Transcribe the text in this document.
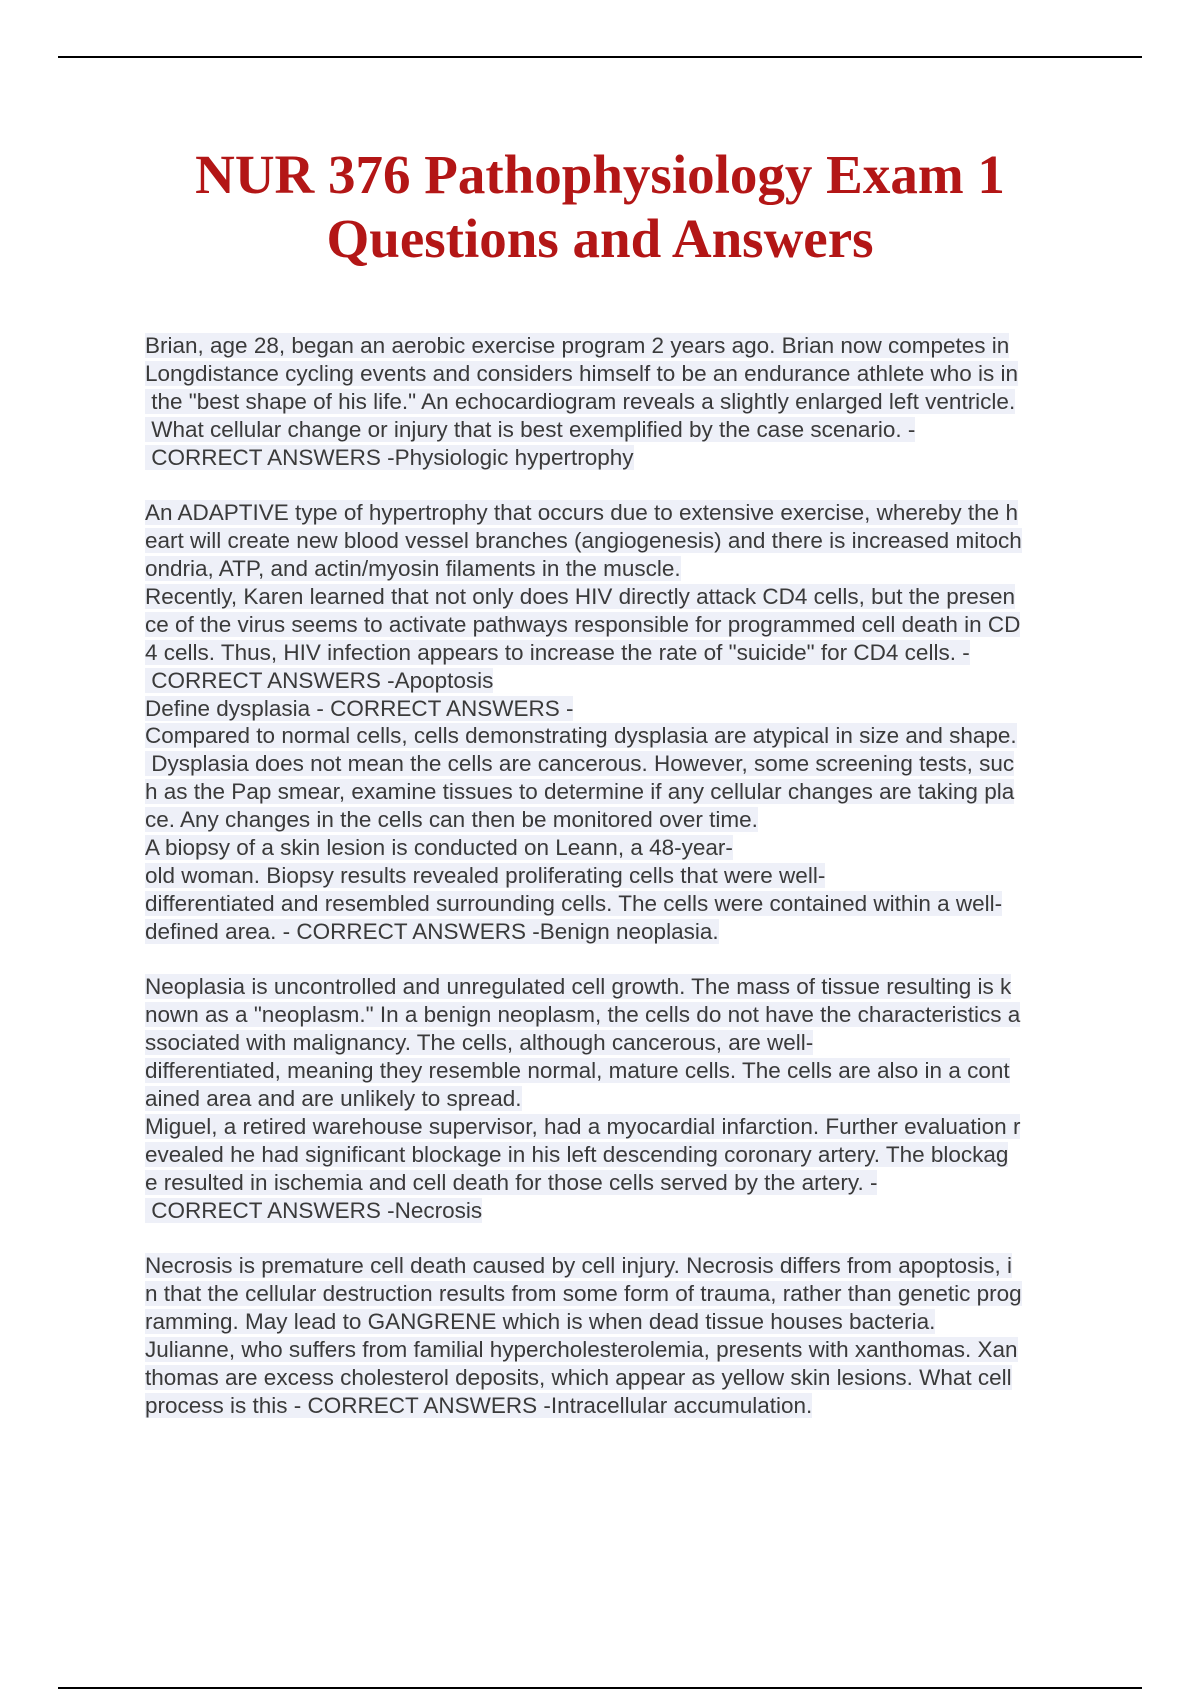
NUR 376 Pathophysiology Exam 1
Questions and Answers
Brian, age 28, began an aerobic exercise program 2 years ago. Brian now competes in
Longdistance cycling events and considers himself to be an endurance athlete who is in
the "best shape of his life." An echocardiogram reveals a slightly enlarged left ventricle.
What cellular change or injury that is best exemplified by the case scenario. -
CORRECT ANSWERS -Physiologic hypertrophy
An ADAPTIVE type of hypertrophy that occurs due to extensive exercise, whereby the h
eart will create new blood vessel branches (angiogenesis) and there is increased mitoch
ondria, ATP, and actin/myosin filaments in the muscle.
Recently, Karen learned that not only does HIV directly attack CD4 cells, but the presen
ce of the virus seems to activate pathways responsible for programmed cell death in CD
4 cells. Thus, HIV infection appears to increase the rate of "suicide" for CD4 cells. -
CORRECT ANSWERS -Apoptosis
Define dysplasia - CORRECT ANSWERS -
Compared to normal cells, cells demonstrating dysplasia are atypical in size and shape.
Dysplasia does not mean the cells are cancerous. However, some screening tests, suc
h as the Pap smear, examine tissues to determine if any cellular changes are taking pla
ce. Any changes in the cells can then be monitored over time.
A biopsy of a skin lesion is conducted on Leann, a 48-year-
old woman. Biopsy results revealed proliferating cells that were well-
differentiated and resembled surrounding cells. The cells were contained within a well-
defined area. - CORRECT ANSWERS -Benign neoplasia.
Neoplasia is uncontrolled and unregulated cell growth. The mass of tissue resulting is k
nown as a "neoplasm." In a benign neoplasm, the cells do not have the characteristics a
ssociated with malignancy. The cells, although cancerous, are well-
differentiated, meaning they resemble normal, mature cells. The cells are also in a cont
ained area and are unlikely to spread.
Miguel, a retired warehouse supervisor, had a myocardial infarction. Further evaluation r
evealed he had significant blockage in his left descending coronary artery. The blockag
e resulted in ischemia and cell death for those cells served by the artery. -
CORRECT ANSWERS -Necrosis
Necrosis is premature cell death caused by cell injury. Necrosis differs from apoptosis, i
n that the cellular destruction results from some form of trauma, rather than genetic prog
ramming. May lead to GANGRENE which is when dead tissue houses bacteria.
Julianne, who suffers from familial hypercholesterolemia, presents with xanthomas. Xan
thomas are excess cholesterol deposits, which appear as yellow skin lesions. What cell
process is this - CORRECT ANSWERS -Intracellular accumulation.
